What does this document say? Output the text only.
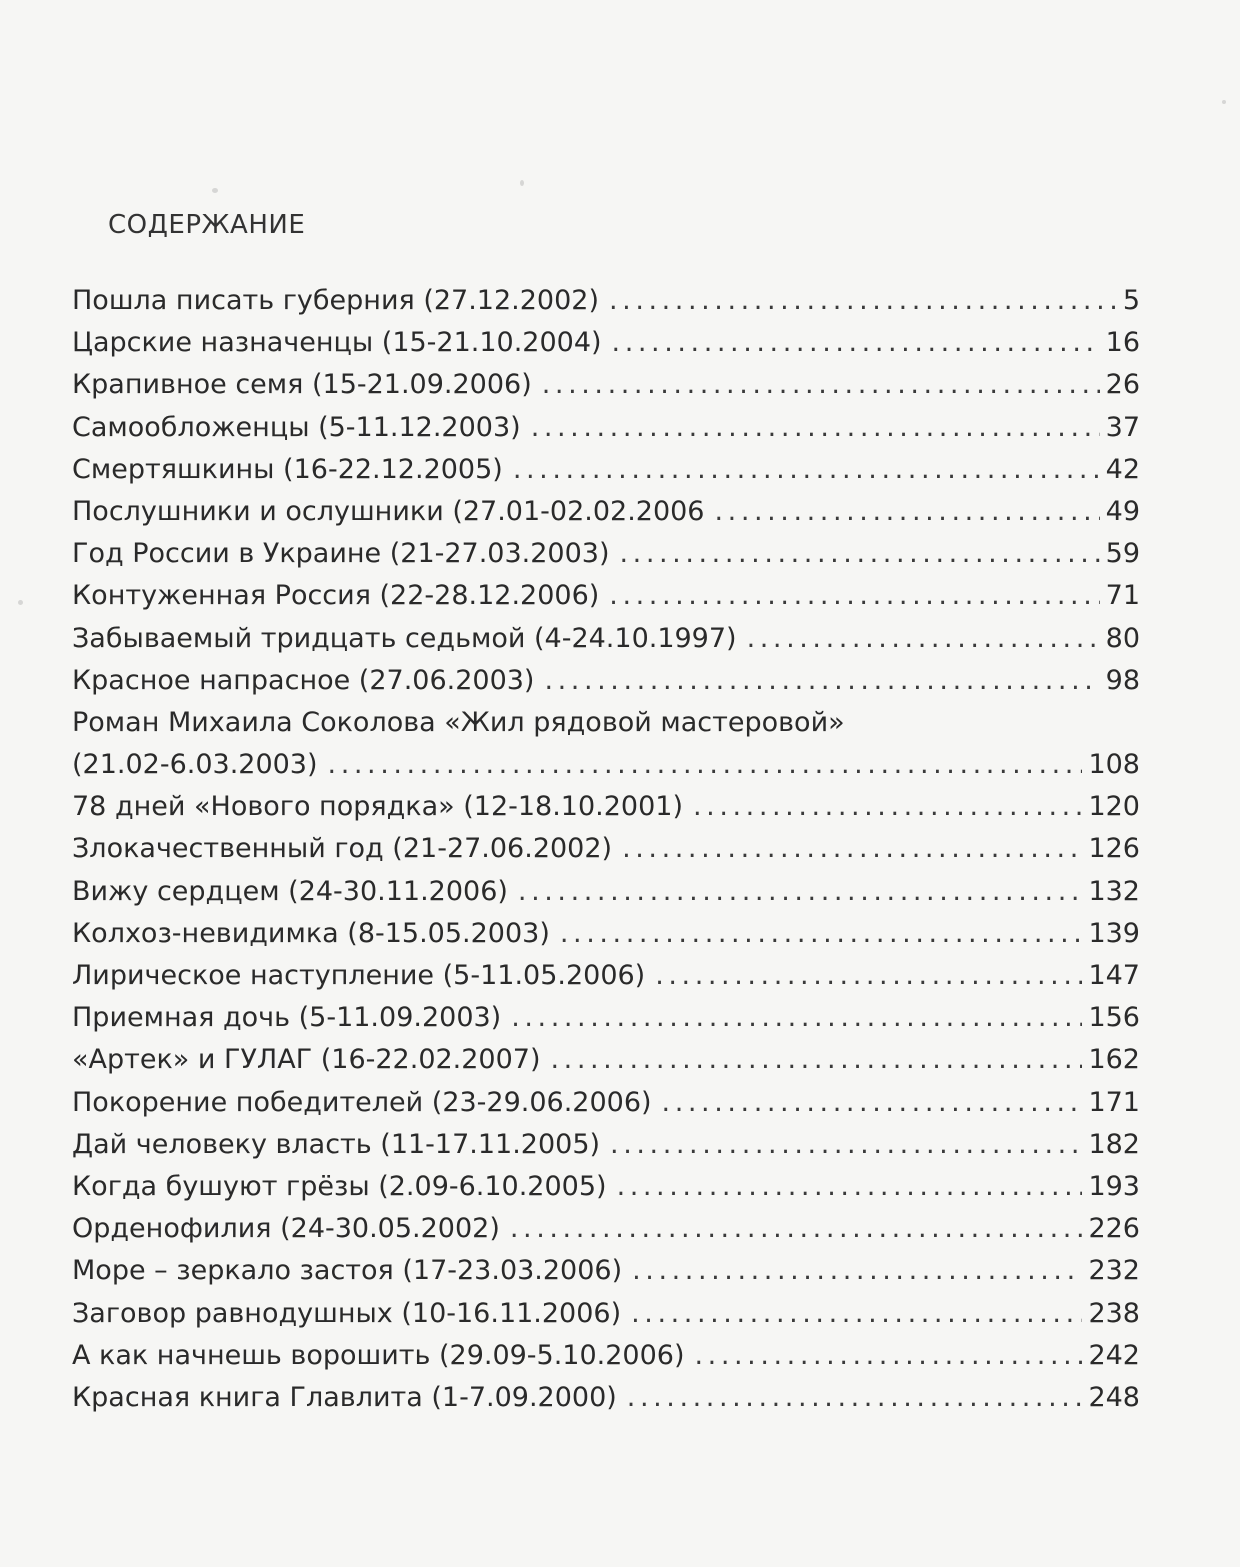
СОДЕРЖАНИЕ
Пошла писать губерния (27.12.2002) . . .	5
Царские назначенцы (15-21.10.2004) . . .	16
Крапивное семя (15-21.09.2006) . . .	26
Самообложенцы (5-11.12.2003) . . .	37
Смертяшкины (16-22.12.2005) . . .	42
Послушники и ослушники (27.01-02.02.2006 . . .	49
Год России в Украине (21-27.03.2003) . . .	59
Контуженная Россия (22-28.12.2006) . . .	71
Забываемый тридцать седьмой (4-24.10.1997) . . .	80
Красное напрасное (27.06.2003) . . .	98
Роман Михаила Соколова «Жил рядовой мастеровой»
(21.02-6.03.2003) . . .	108
78 дней «Нового порядка» (12-18.10.2001) . . .	120
Злокачественный год (21-27.06.2002) . . .	126
Вижу сердцем (24-30.11.2006) . . .	132
Колхоз-невидимка (8-15.05.2003) . . .	139
Лирическое наступление (5-11.05.2006) . . .	147
Приемная дочь (5-11.09.2003) . . .	156
«Артек» и ГУЛАГ (16-22.02.2007) . . .	162
Покорение победителей (23-29.06.2006) . . .	171
Дай человеку власть (11-17.11.2005) . . .	182
Когда бушуют грёзы (2.09-6.10.2005) . . .	193
Орденофилия (24-30.05.2002) . . .	226
Море – зеркало застоя (17-23.03.2006) . . .	232
Заговор равнодушных (10-16.11.2006) . . .	238
А как начнешь ворошить (29.09-5.10.2006) . . .	242
Красная книга Главлита (1-7.09.2000) . . .	248
